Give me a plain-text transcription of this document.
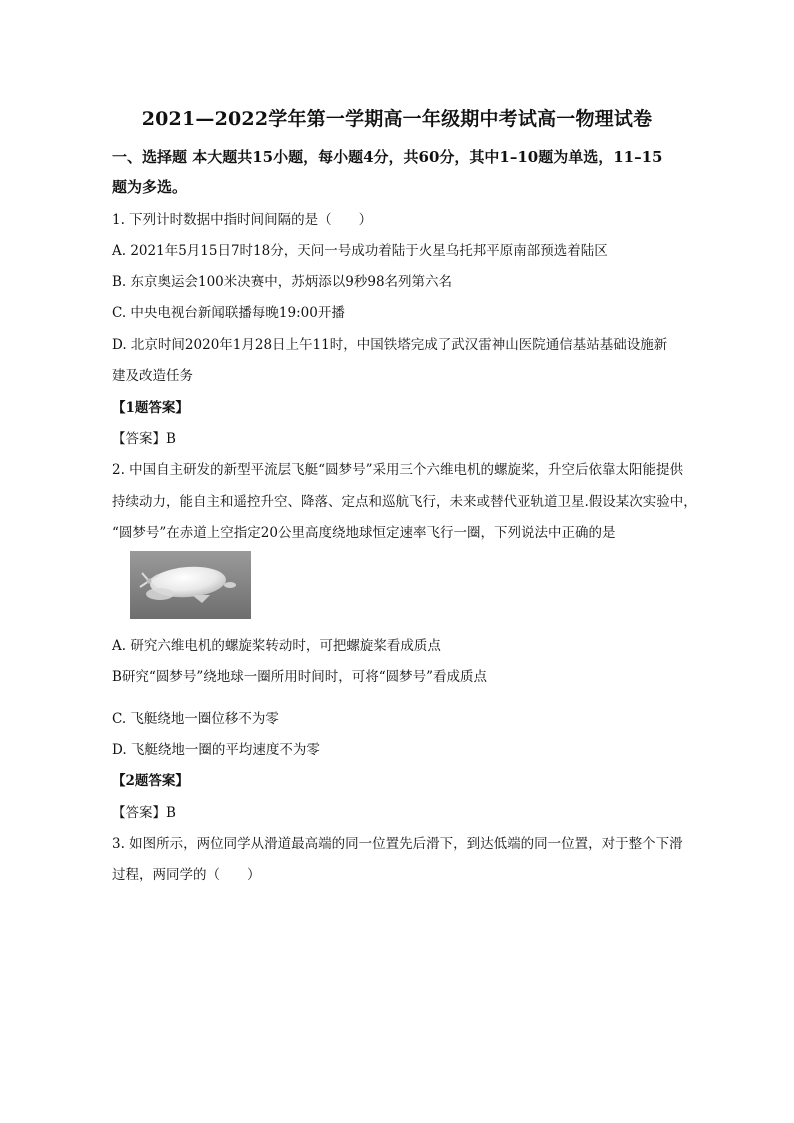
2021—2022学年第一学期高一年级期中考试高一物理试卷
一、选择题 本大题共15小题，每小题4分，共60分，其中1–10题为单选，11–15
题为多选。
1. 下列计时数据中指时间间隔的是（　　）
A. 2021年5月15日7时18分，天问一号成功着陆于火星乌托邦平原南部预选着陆区
B. 东京奥运会100米决赛中，苏炳添以9秒98名列第六名
C. 中央电视台新闻联播每晚19:00开播
D. 北京时间2020年1月28日上午11时，中国铁塔完成了武汉雷神山医院通信基站基础设施新
建及改造任务
【1题答案】
【答案】B
2. 中国自主研发的新型平流层飞艇“圆梦号”采用三个六维电机的螺旋桨，升空后依靠太阳能提供
持续动力，能自主和遥控升空、降落、定点和巡航飞行，未来或替代亚轨道卫星.假设某次实验中，
“圆梦号”在赤道上空指定20公里高度绕地球恒定速率飞行一圈，下列说法中正确的是
A. 研究六维电机的螺旋桨转动时，可把螺旋桨看成质点
B研究“圆梦号”绕地球一圈所用时间时，可将“圆梦号”看成质点
C. 飞艇绕地一圈位移不为零
D. 飞艇绕地一圈的平均速度不为零
【2题答案】
【答案】B
3. 如图所示，两位同学从滑道最高端的同一位置先后滑下，到达低端的同一位置，对于整个下滑
过程，两同学的（　　）
